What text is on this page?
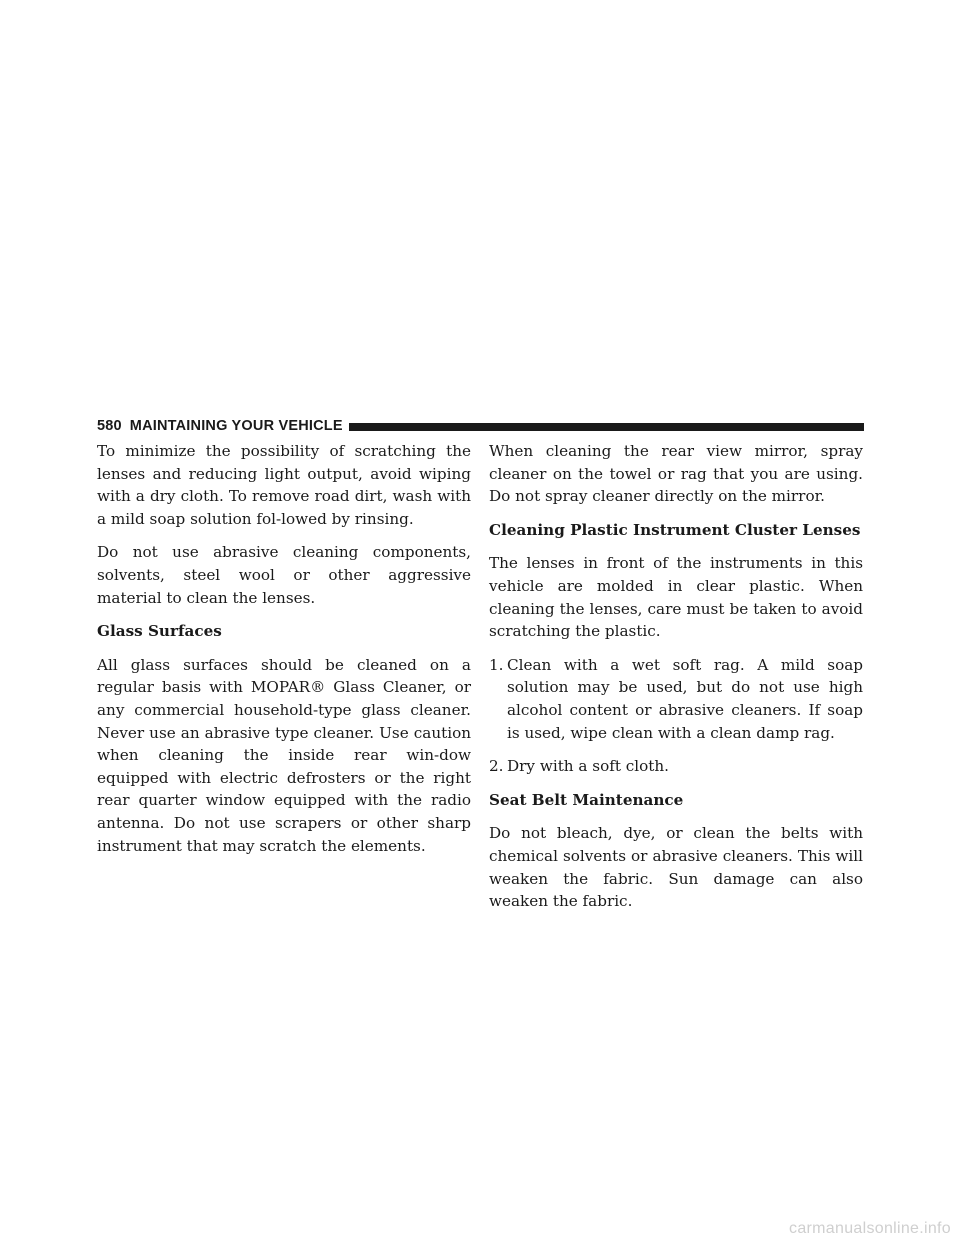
580 MAINTAINING YOUR VEHICLE

To minimize the possibility of scratching the lenses and reducing light output, avoid wiping with a dry cloth. To remove road dirt, wash with a mild soap solution fol-lowed by rinsing.

Do not use abrasive cleaning components, solvents, steel wool or other aggressive material to clean the lenses.

Glass Surfaces

All glass surfaces should be cleaned on a regular basis with MOPAR® Glass Cleaner, or any commercial household-type glass cleaner. Never use an abrasive type cleaner. Use caution when cleaning the inside rear win-dow equipped with electric defrosters or the right rear quarter window equipped with the radio antenna. Do not use scrapers or other sharp instrument that may scratch the elements.

When cleaning the rear view mirror, spray cleaner on the towel or rag that you are using. Do not spray cleaner directly on the mirror.

Cleaning Plastic Instrument Cluster Lenses

The lenses in front of the instruments in this vehicle are molded in clear plastic. When cleaning the lenses, care must be taken to avoid scratching the plastic.

1. Clean with a wet soft rag. A mild soap solution may be used, but do not use high alcohol content or abrasive cleaners. If soap is used, wipe clean with a clean damp rag.
2. Dry with a soft cloth.
Seat Belt Maintenance

Do not bleach, dye, or clean the belts with chemical solvents or abrasive cleaners. This will weaken the fabric. Sun damage can also weaken the fabric.

carmanualsonline.info
